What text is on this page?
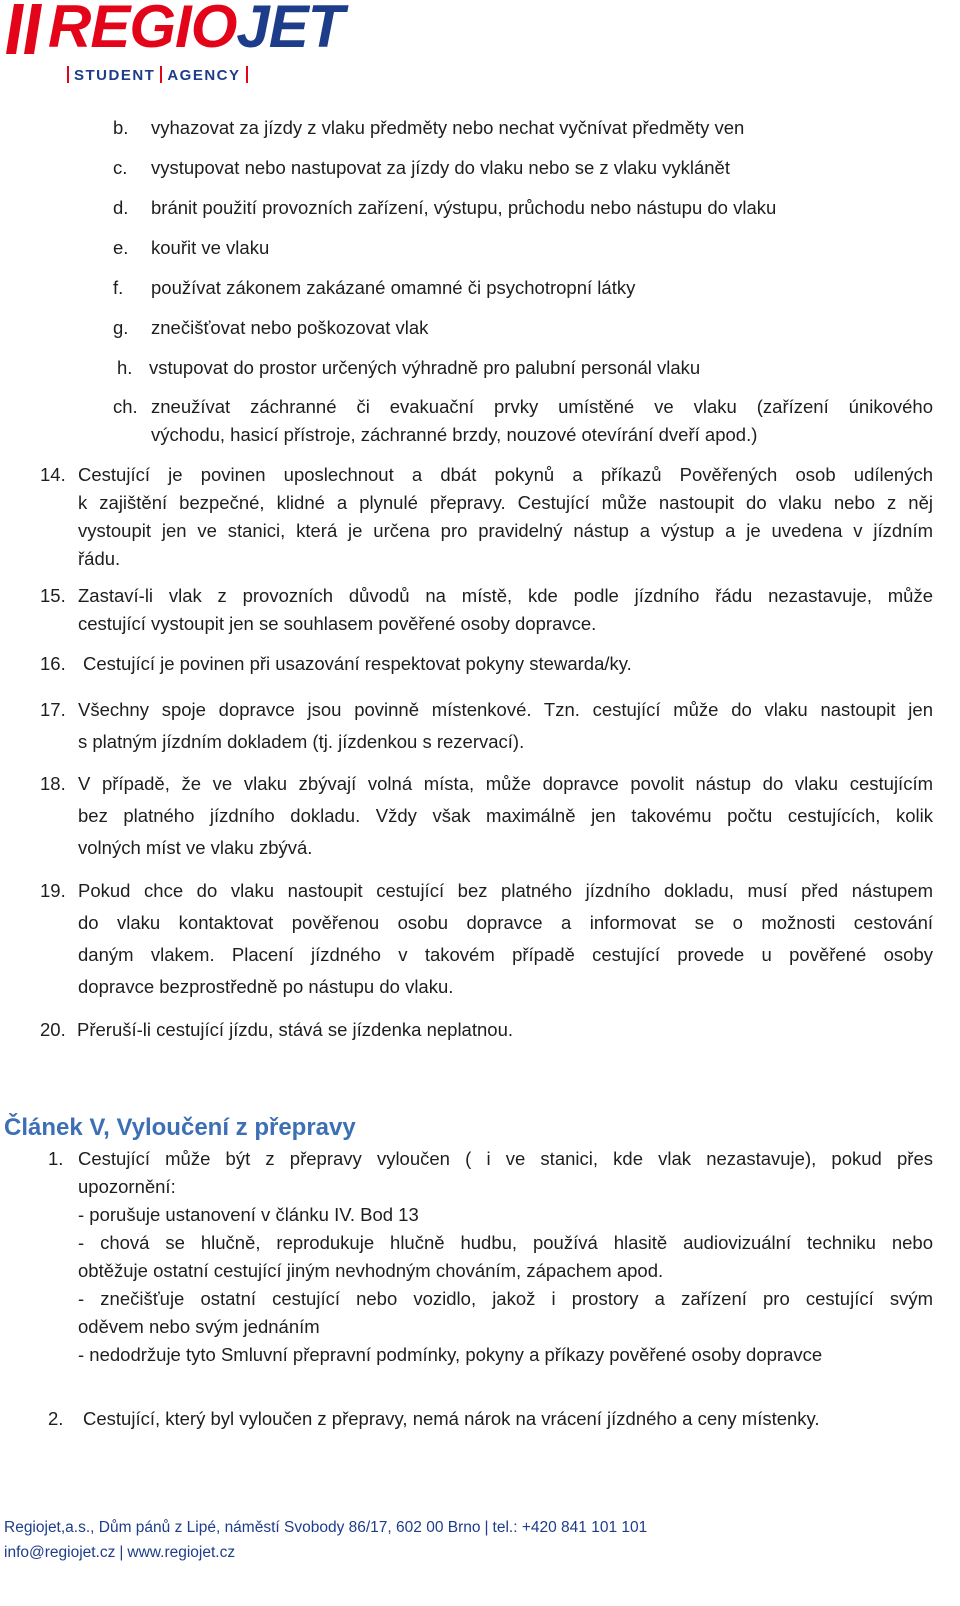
REGIOJET
STUDENT AGENCY
b. vyhazovat za jízdy z vlaku předměty nebo nechat vyčnívat předměty ven
c. vystupovat nebo nastupovat za jízdy do vlaku nebo se z vlaku vyklánět
d. bránit použití provozních zařízení, výstupu, průchodu nebo nástupu do vlaku
e. kouřit ve vlaku
f. používat zákonem zakázané omamné či psychotropní látky
g. znečišťovat nebo poškozovat vlak
h. vstupovat do prostor určených výhradně pro palubní personál vlaku
ch. zneužívat záchranné či evakuační prvky umístěné ve vlaku (zařízení únikového
východu, hasicí přístroje, záchranné brzdy, nouzové otevírání dveří apod.)
14. Cestující je povinen uposlechnout a dbát pokynů a příkazů Pověřených osob udílených
k zajištění bezpečné, klidné a plynulé přepravy. Cestující může nastoupit do vlaku nebo z něj
vystoupit jen ve stanici, která je určena pro pravidelný nástup a výstup a je uvedena v jízdním
řádu.
15. Zastaví-li vlak z provozních důvodů na místě, kde podle jízdního řádu nezastavuje, může
cestující vystoupit jen se souhlasem pověřené osoby dopravce.
16. Cestující je povinen při usazování respektovat pokyny stewarda/ky.
17. Všechny spoje dopravce jsou povinně místenkové. Tzn. cestující může do vlaku nastoupit jen
s platným jízdním dokladem (tj. jízdenkou s rezervací).
18. V případě, že ve vlaku zbývají volná místa, může dopravce povolit nástup do vlaku cestujícím
bez platného jízdního dokladu. Vždy však maximálně jen takovému počtu cestujících, kolik
volných míst ve vlaku zbývá.
19. Pokud chce do vlaku nastoupit cestující bez platného jízdního dokladu, musí před nástupem
do vlaku kontaktovat pověřenou osobu dopravce a informovat se o možnosti cestování
daným vlakem. Placení jízdného v takovém případě cestující provede u pověřené osoby
dopravce bezprostředně po nástupu do vlaku.
20. Přeruší-li cestující jízdu, stává se jízdenka neplatnou.
Článek V, Vyloučení z přepravy
1. Cestující může být z přepravy vyloučen ( i ve stanici, kde vlak nezastavuje), pokud přes
upozornění:
- porušuje ustanovení v článku IV. Bod 13
- chová se hlučně, reprodukuje hlučně hudbu, používá hlasitě audiovizuální techniku nebo
obtěžuje ostatní cestující jiným nevhodným chováním, zápachem apod.
- znečišťuje ostatní cestující nebo vozidlo, jakož i prostory a zařízení pro cestující svým
oděvem nebo svým jednáním
- nedodržuje tyto Smluvní přepravní podmínky, pokyny a příkazy pověřené osoby dopravce
2. Cestující, který byl vyloučen z přepravy, nemá nárok na vrácení jízdného a ceny místenky.
Regiojet,a.s., Dům pánů z Lipé, náměstí Svobody 86/17, 602 00 Brno | tel.: +420 841 101 101
info@regiojet.cz | www.regiojet.cz
